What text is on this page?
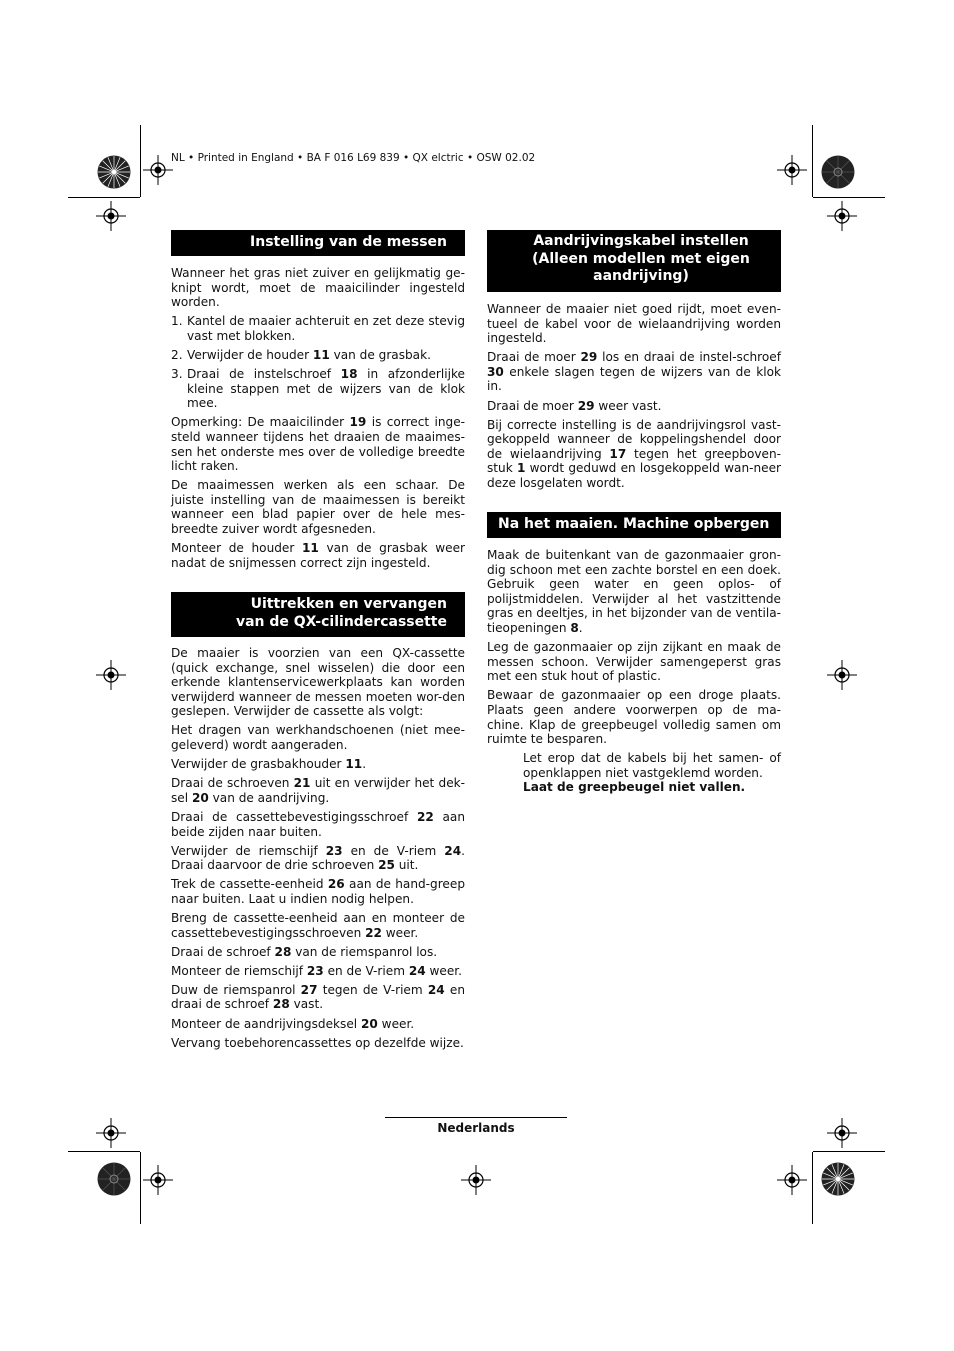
NL • Printed in England • BA F 016 L69 839 • QX elctric • OSW 02.02
Instelling van de messen

Wanneer het gras niet zuiver en gelijkmatig ge-knipt wordt, moet de maaicilinder ingesteld worden.

1. Kantel de maaier achteruit en zet deze stevig vast met blokken.
2. Verwijder de houder 11 van de grasbak.
3. Draai de instelschroef 18 in afzonderlijke kleine stappen met de wijzers van de klok mee.

Opmerking: De maaicilinder 19 is correct inge-steld wanneer tijdens het draaien de maaimes-sen het onderste mes over de volledige breedte licht raken.

De maaimessen werken als een schaar. De juiste instelling van de maaimessen is bereikt wanneer een blad papier over de hele mes-breedte zuiver wordt afgesneden.

Monteer de houder 11 van de grasbak weer nadat de snijmessen correct zijn ingesteld.

Uittrekken en vervangen
van de QX-cilindercassette

De maaier is voorzien van een QX-cassette (quick exchange, snel wisselen) die door een erkende klantenservicewerkplaats kan worden verwijderd wanneer de messen moeten wor-den geslepen. Verwijder de cassette als volgt:

Het dragen van werkhandschoenen (niet mee-geleverd) wordt aangeraden.

Verwijder de grasbakhouder 11.

Draai de schroeven 21 uit en verwijder het dek-sel 20 van de aandrijving.

Draai de cassettebevestigingsschroef 22 aan beide zijden naar buiten.

Verwijder de riemschijf 23 en de V-riem 24. Draai daarvoor de drie schroeven 25 uit.

Trek de cassette-eenheid 26 aan de hand-greep naar buiten. Laat u indien nodig helpen.

Breng de cassette-eenheid aan en monteer de cassettebevestigingsschroeven 22 weer.

Draai de schroef 28 van de riemspanrol los.

Monteer de riemschijf 23 en de V-riem 24 weer.

Duw de riemspanrol 27 tegen de V-riem 24 en draai de schroef 28 vast.

Monteer de aandrijvingsdeksel 20 weer.

Vervang toebehorencassettes op dezelfde wijze.

Aandrijvingskabel instellen
(Alleen modellen met eigen
aandrijving)

Wanneer de maaier niet goed rijdt, moet even-tueel de kabel voor de wielaandrijving worden ingesteld.

Draai de moer 29 los en draai de instel-schroef 30 enkele slagen tegen de wijzers van de klok in.

Draai de moer 29 weer vast.

Bij correcte instelling is de aandrijvingsrol vast-gekoppeld wanneer de koppelingshendel door de wielaandrijving 17 tegen het greepboven-stuk 1 wordt geduwd en losgekoppeld wan-neer deze losgelaten wordt.

Na het maaien. Machine opbergen

Maak de buitenkant van de gazonmaaier gron-dig schoon met een zachte borstel en een doek. Gebruik geen water en geen oplos- of polijstmiddelen. Verwijder al het vastzittende gras en deeltjes, in het bijzonder van de ventila-tieopeningen 8.

Leg de gazonmaaier op zijn zijkant en maak de messen schoon. Verwijder samengeperst gras met een stuk hout of plastic.

Bewaar de gazonmaaier op een droge plaats. Plaats geen andere voorwerpen op de ma-chine. Klap de greepbeugel volledig samen om ruimte te besparen.

Let erop dat de kabels bij het samen- of openklappen niet vastgeklemd worden.

Laat de greepbeugel niet vallen.

Nederlands
